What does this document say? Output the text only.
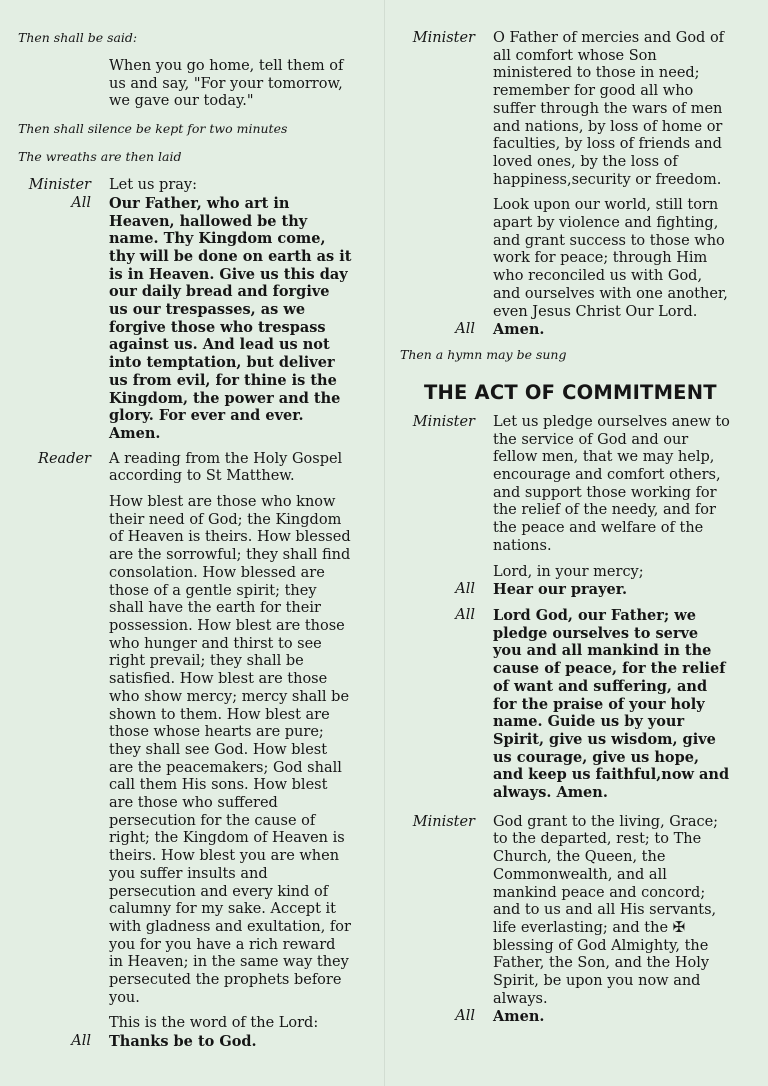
Then shall be said:
When you go home, tell them of us and say, "For your tomorrow, we gave our today."
Then shall silence be kept for two minutes
The wreaths are then laid
Minister	Let us pray:
All	Our Father, who art in Heaven, hallowed be thy name. Thy Kingdom come, thy will be done on earth as it is in Heaven. Give us this day our daily bread and forgive us our trespasses, as we forgive those who trespass against us. And lead us not into temptation, but deliver us from evil, for thine is the Kingdom, the power and the glory. For ever and ever. Amen.
Reader	A reading from the Holy Gospel according to St Matthew.

How blest are those who know their need of God; the Kingdom of Heaven is theirs. How blessed are the sorrowful; they shall find consolation. How blessed are those of a gentle spirit; they shall have the earth for their possession. How blest are those who hunger and thirst to see right prevail; they shall be satisfied. How blest are those who show mercy; mercy shall be shown to them. How blest are those whose hearts are pure; they shall see God. How blest are the peacemakers; God shall call them His sons. How blest are those who suffered persecution for the cause of right; the Kingdom of Heaven is theirs. How blest you are when you suffer insults and persecution and every kind of calumny for my sake. Accept it with gladness and exultation, for you for you have a rich reward in Heaven; in the same way they persecuted the prophets before you.

This is the word of the Lord:

All	Thanks be to God.
Minister	O Father of mercies and God of all comfort whose Son ministered to those in need; remember for good all who suffer through the wars of men and nations, by loss of home or faculties, by loss of friends and loved ones, by the loss of happiness,security or freedom.

Look upon our world, still torn apart by violence and fighting, and grant success to those who work for peace; through Him who reconciled us with God, and ourselves with one another, even Jesus Christ Our Lord.

All	Amen.
Then a hymn may be sung
THE ACT OF COMMITMENT
Minister	Let us pledge ourselves anew to the service of God and our fellow men, that we may help, encourage and comfort others, and support those working for the relief of the needy, and for the peace and welfare of the nations.

Lord, in your mercy;

All	Hear our prayer.
All	Lord God, our Father; we pledge ourselves to serve you and all mankind in the cause of peace, for the relief of want and suffering, and for the praise of your holy name. Guide us by your Spirit, give us wisdom, give us courage, give us hope, and keep us faithful,now and always. Amen.
Minister	God grant to the living, Grace; to the departed, rest; to The Church, the Queen, the Commonwealth, and all mankind peace and concord; and to us and all His servants, life everlasting; and the ✠
blessing of God Almighty, the Father, the Son, and the Holy Spirit, be upon you now and always.
All	Amen.
